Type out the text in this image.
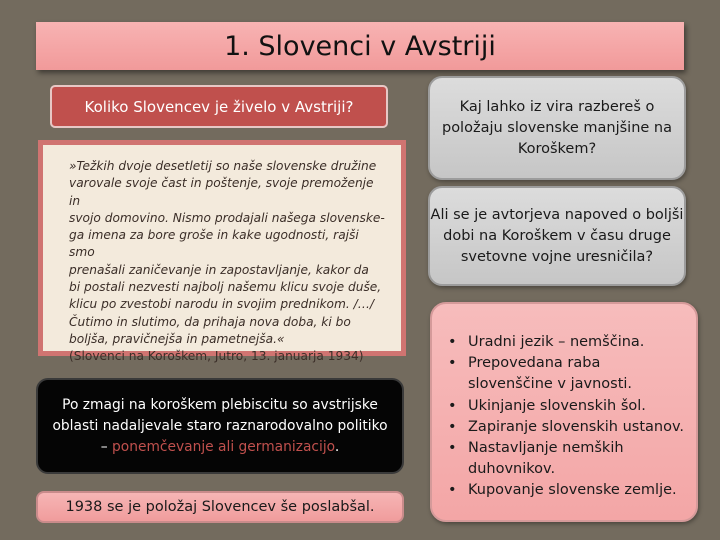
1. Slovenci v Avstriji
Koliko Slovencev je živelo v Avstriji?
»Težkih dvoje desetletij so naše slovenske družine
varovale svoje čast in poštenje, svoje premoženje in
svojo domovino. Nismo prodajali našega slovenske-
ga imena za bore groše in kake ugodnosti, rajši smo
prenašali zaničevanje in zapostavljanje, kakor da
bi postali nezvesti najbolj našemu klicu svoje duše,
klicu po zvestobi narodu in svojim prednikom. /…/
Čutimo in slutimo, da prihaja nova doba, ki bo
boljša, pravičnejša in pametnejša.«
(Slovenci na Koroškem, Jutro, 13. januarja 1934)
Kaj lahko iz vira razbereš o položaju slovenske manjšine na Koroškem?
Ali se je avtorjeva napoved o boljši dobi na Koroškem v času druge svetovne vojne uresničila?
Po zmagi na koroškem plebiscitu so avstrijske oblasti nadaljevale staro raznarodovalno politiko – ponemčevanje ali germanizacijo.
1938 se je položaj Slovencev še poslabšal.
• Uradni jezik – nemščina.
• Prepovedana raba slovenščine v javnosti.
• Ukinjanje slovenskih šol.
• Zapiranje slovenskih ustanov.
• Nastavljanje nemških duhovnikov.
• Kupovanje slovenske zemlje.
